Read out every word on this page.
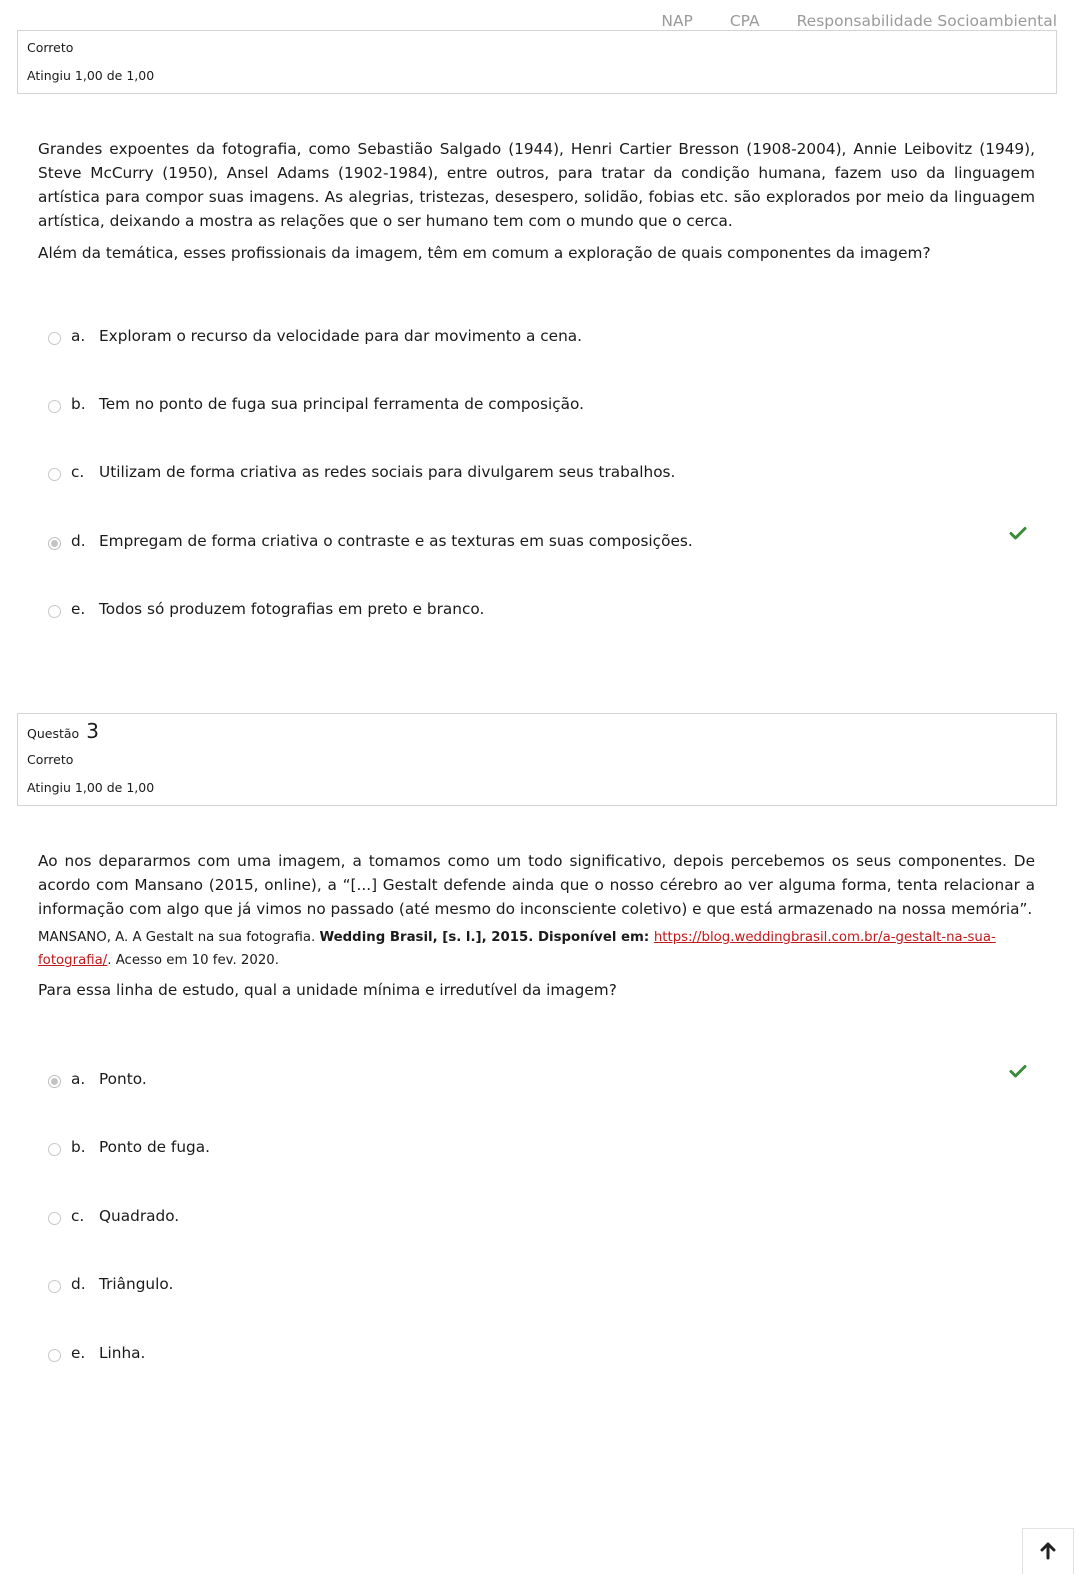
NAP CPA Responsabilidade Socioambiental
Correto
Atingiu 1,00 de 1,00

Grandes expoentes da fotografia, como Sebastião Salgado (1944), Henri Cartier Bresson (1908-2004), Annie Leibovitz (1949), Steve McCurry (1950), Ansel Adams (1902-1984), entre outros, para tratar da condição humana, fazem uso da linguagem artística para compor suas imagens. As alegrias, tristezas, desespero, solidão, fobias etc. são explorados por meio da linguagem artística, deixando a mostra as relações que o ser humano tem com o mundo que o cerca.

Além da temática, esses profissionais da imagem, têm em comum a exploração de quais componentes da imagem?

a. Exploram o recurso da velocidade para dar movimento a cena.
b. Tem no ponto de fuga sua principal ferramenta de composição.
c. Utilizam de forma criativa as redes sociais para divulgarem seus trabalhos.
d. Empregam de forma criativa o contraste e as texturas em suas composições.
e. Todos só produzem fotografias em preto e branco.
Questão 3
Correto
Atingiu 1,00 de 1,00

Ao nos depararmos com uma imagem, a tomamos como um todo significativo, depois percebemos os seus componentes. De acordo com Mansano (2015, online), a “[...] Gestalt defende ainda que o nosso cérebro ao ver alguma forma, tenta relacionar a informação com algo que já vimos no passado (até mesmo do inconsciente coletivo) e que está armazenado na nossa memória”.

MANSANO, A. A Gestalt na sua fotografia. Wedding Brasil, [s. l.], 2015. Disponível em: https://blog.weddingbrasil.com.br/a-gestalt-na-sua-fotografia/. Acesso em 10 fev. 2020.

Para essa linha de estudo, qual a unidade mínima e irredutível da imagem?

a. Ponto.
b. Ponto de fuga.
c. Quadrado.
d. Triângulo.
e. Linha.
